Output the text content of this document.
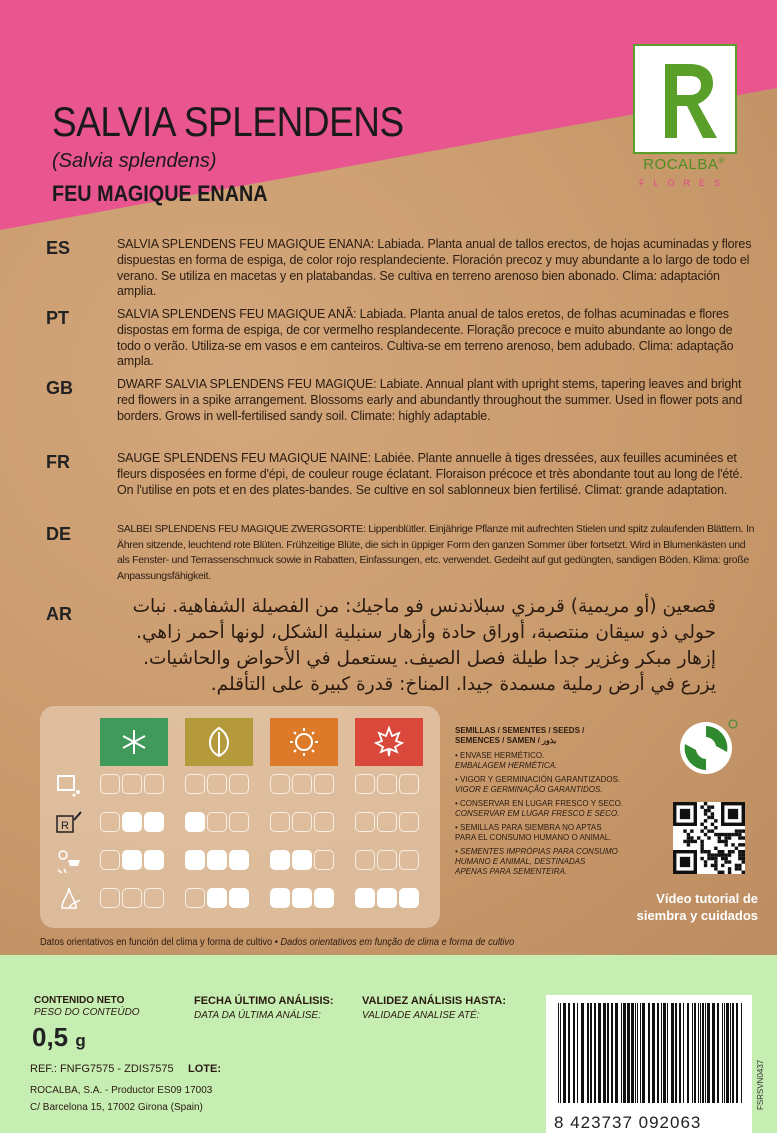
SALVIA SPLENDENS
(Salvia splendens)
FEU MAGIQUE ENANA
ROCALBA®
FLORES
ES	SALVIA SPLENDENS FEU MAGIQUE ENANA: Labiada. Planta anual de tallos erectos, de hojas acuminadas y flores dispuestas en forma de espiga, de color rojo resplandeciente. Floración precoz y muy abundante a lo largo de todo el verano. Se utiliza en macetas y en platabandas. Se cultiva en terreno arenoso bien abonado. Clima: adaptación amplia.
PT	SALVIA SPLENDENS FEU MAGIQUE ANÃ: Labiada. Planta anual de talos eretos, de folhas acuminadas e flores dispostas em forma de espiga, de cor vermelho resplandecente. Floração precoce e muito abundante ao longo de todo o verão. Utiliza-se em vasos e em canteiros. Cultiva-se em terreno arenoso, bem adubado. Clima: adaptação ampla.
GB	DWARF SALVIA SPLENDENS FEU MAGIQUE: Labiate. Annual plant with upright stems, tapering leaves and bright red flowers in a spike arrangement. Blossoms early and abundantly throughout the summer. Used in flower pots and borders. Grows in well-fertilised sandy soil. Climate: highly adaptable.
FR	SAUGE SPLENDENS FEU MAGIQUE NAINE: Labiée. Plante annuelle à tiges dressées, aux feuilles acuminées et fleurs disposées en forme d'épi, de couleur rouge éclatant. Floraison précoce et très abondante tout au long de l'été. On l'utilise en pots et en des plates-bandes. Se cultive en sol sablonneux bien fertilisé. Climat: grande adaptation.
DE	SALBEI SPLENDENS FEU MAGIQUE ZWERGSORTE: Lippenblütler. Einjährige Pflanze mit aufrechten Stielen und spitz zulaufenden Blättern. In Ähren sitzende, leuchtend rote Blüten. Frühzeitige Blüte, die sich in üppiger Form den ganzen Sommer über fortsetzt. Wird in Blumenkästen und als Fenster- und Terrassenschmuck sowie in Rabatten, Einfassungen, etc. verwendet. Gedeiht auf gut gedüngten, sandigen Böden. Klima: große Anpassungsfähigkeit.
AR	قصعين (أو مريمية) قرمزي سبلاندنس فو ماجيك: من الفصيلة الشفاهية. نبات حولي ذو سيقان منتصبة، أوراق حادة وأزهار سنبلية الشكل، لونها أحمر زاهي. إزهار مبكر وغزير جدا طيلة فصل الصيف. يستعمل في الأحواض والحاشيات. يزرع في أرض رملية مسمدة جيدا. المناخ: قدرة كبيرة على التأقلم.
R
SEMILLAS / SEMENTES / SEEDS /
SEMENCES / SAMEN / بذور
• ENVASE HERMÉTICO.
EMBALAGEM HERMÉTICA.
• VIGOR Y GERMINACIÓN GARANTIZADOS.
VIGOR E GERMINAÇÃO GARANTIDOS.
• CONSERVAR EN LUGAR FRESCO Y SECO.
CONSERVAR EM LUGAR FRESCO E SECO.
• SEMILLAS PARA SIEMBRA NO APTAS
PARA EL CONSUMO HUMANO O ANIMAL.
• SEMENTES IMPRÓPIAS PARA CONSUMO
HUMANO E ANIMAL, DESTINADAS
APENAS PARA SEMENTEIRA.
Vídeo tutorial de
siembra y cuidados
Datos orientativos en función del clima y forma de cultivo • Dados orientativos em função de clima e forma de cultivo
CONTENIDO NETO
PESO DO CONTEÚDO
0,5 g
FECHA ÚLTIMO ANÁLISIS:
DATA DA ÚLTIMA ANÁLISE:
VALIDEZ ANÁLISIS HASTA:
VALIDADE ANALISE ATÉ:
REF.: FNFG7575 - ZDIS7575 LOTE:
ROCALBA, S.A. - Productor ES09 17003
C/ Barcelona 15, 17002 Girona (Spain)
8 423737 092063
FSRSVN0437
